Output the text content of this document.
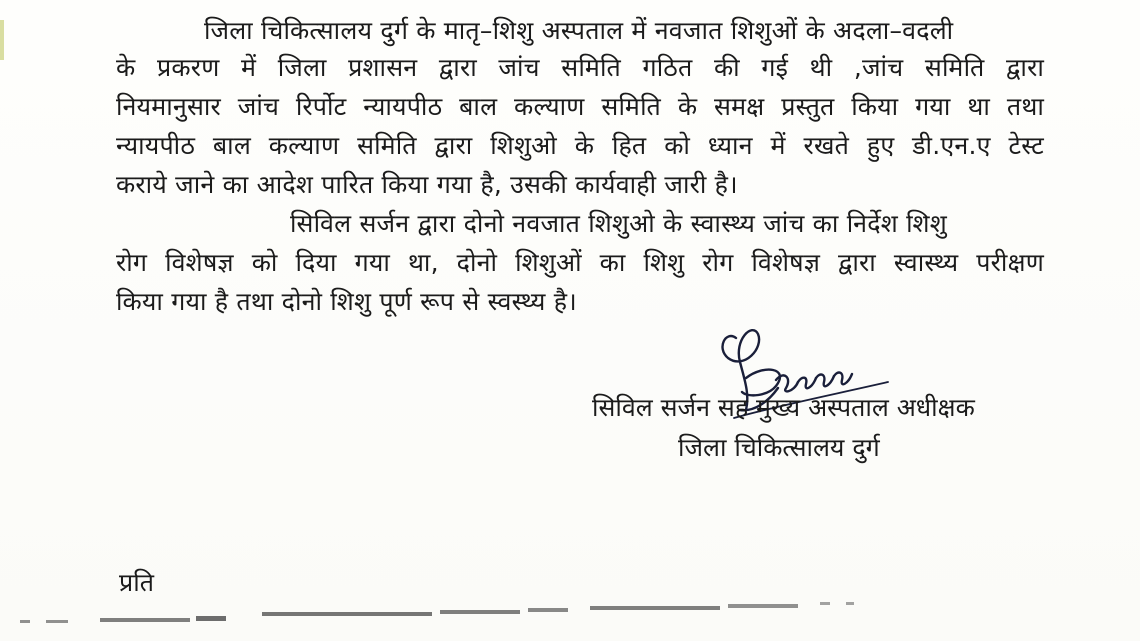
जिला चिकित्सालय दुर्ग के मातृ–शिशु अस्पताल में नवजात शिशुओं के अदला–वदली
के प्रकरण में जिला प्रशासन द्वारा जांच समिति गठित की गई थी ,जांच समिति द्वारा
नियमानुसार जांच रिर्पोट न्यायपीठ बाल कल्याण समिति के समक्ष प्रस्तुत किया गया था तथा
न्यायपीठ बाल कल्याण समिति द्वारा शिशुओ के हित को ध्यान में रखते हुए डी.एन.ए टेस्ट
कराये जाने का आदेश पारित किया गया है, उसकी कार्यवाही जारी है।
सिविल सर्जन द्वारा दोनो नवजात शिशुओ के स्वास्थ्य जांच का निर्देश शिशु
रोग विशेषज्ञ को दिया गया था, दोनो शिशुओं का शिशु रोग विशेषज्ञ द्वारा स्वास्थ्य परीक्षण
किया गया है तथा दोनो शिशु पूर्ण रूप से स्वस्थ्य है।
सिविल सर्जन सह मुख्य अस्पताल अधीक्षक
जिला चिकित्सालय दुर्ग
प्रति
